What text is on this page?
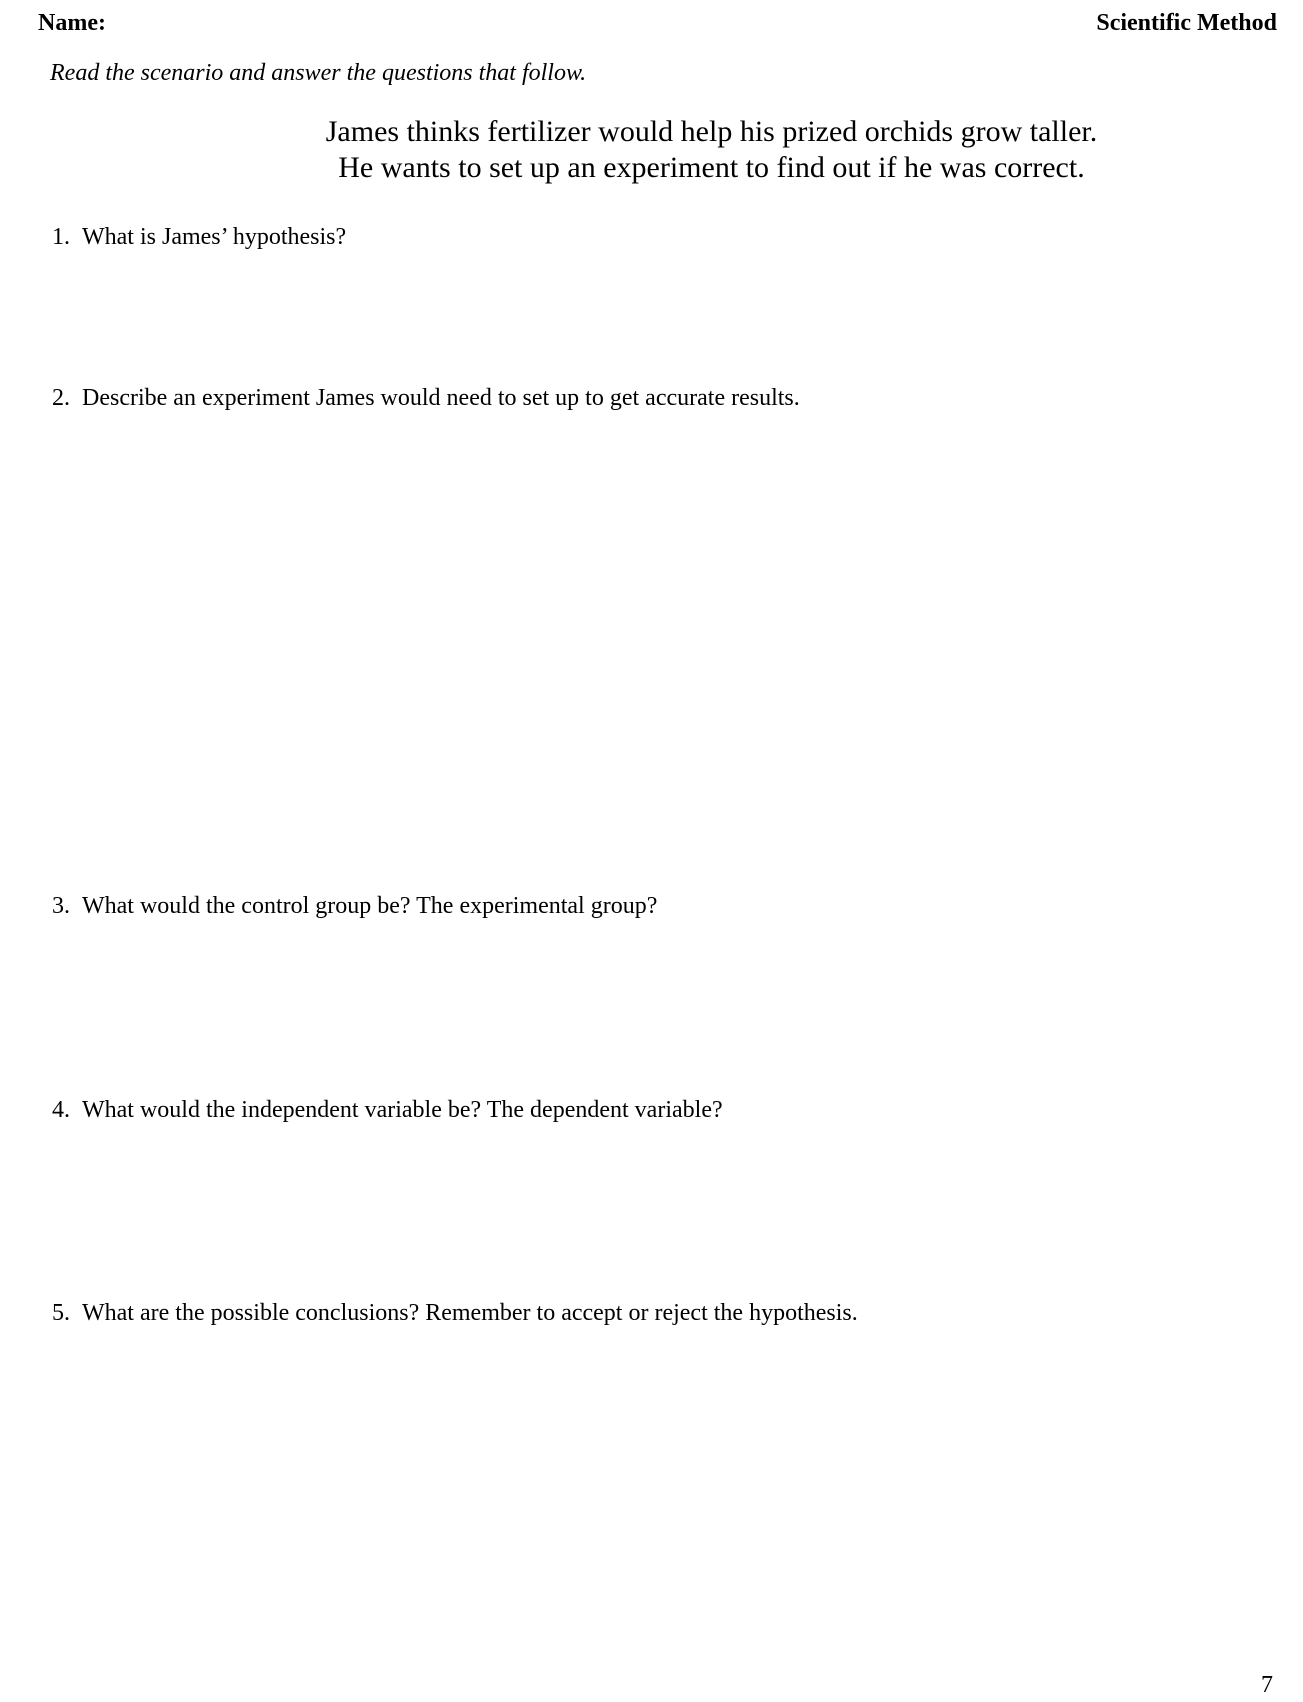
Name:	Scientific Method
Read the scenario and answer the questions that follow.
James thinks fertilizer would help his prized orchids grow taller.
He wants to set up an experiment to find out if he was correct.
1. What is James’ hypothesis?
2. Describe an experiment James would need to set up to get accurate results.
3. What would the control group be? The experimental group?
4. What would the independent variable be? The dependent variable?
5. What are the possible conclusions? Remember to accept or reject the hypothesis.
7
